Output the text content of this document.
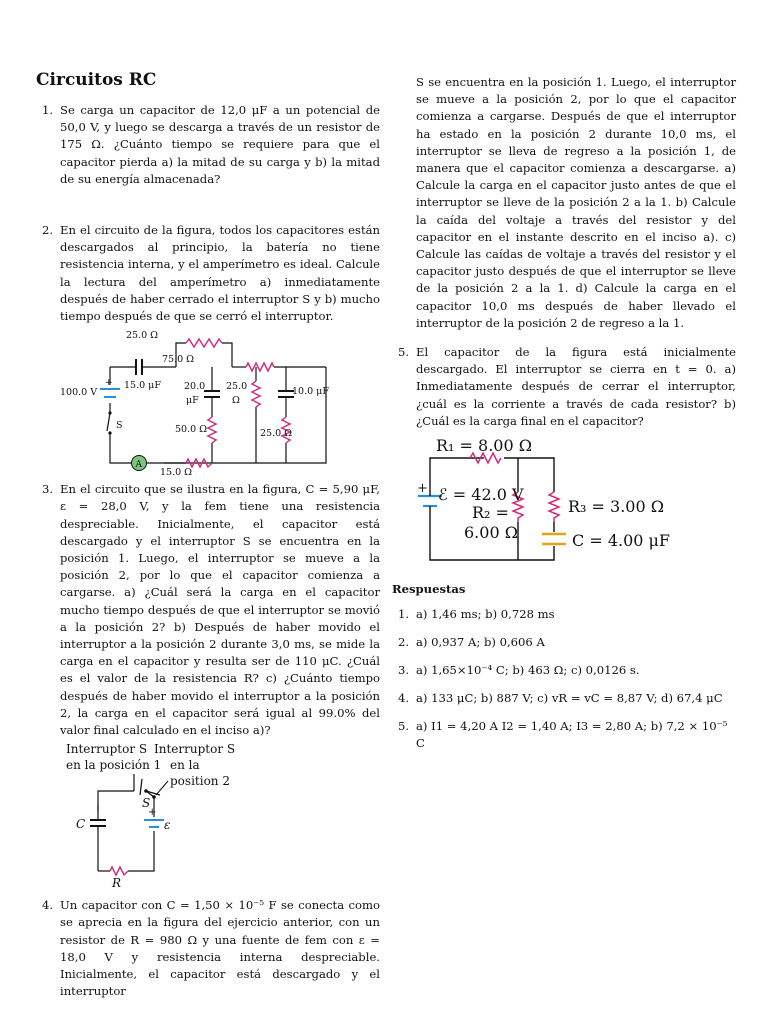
Circuitos RC

1. Se carga un capacitor de 12,0 μF a un potencial de 50,0 V, y luego se descarga a través de un resistor de 175 Ω. ¿Cuánto tiempo se requiere para que el capacitor pierda a) la mitad de su carga y b) la mitad de su energía almacenada?

2. En el circuito de la figura, todos los capacitores están descargados al principio, la batería no tiene resistencia interna, y el amperímetro es ideal. Calcule la lectura del amperímetro a) inmediatamente después de haber cerrado el interruptor S y b) mucho tiempo después de que se cerró el interruptor.

A
25.0 Ω
15.0 μF
75.0 Ω
20.0
μF
25.0
Ω
10.0 μF
100.0 V
S	50.0 Ω	25.0 Ω
15.0 Ω
+

3. En el circuito que se ilustra en la figura, C = 5,90 μF, ε = 28,0 V, y la fem tiene una resistencia despreciable. Inicialmente, el capacitor está descargado y el interruptor S se encuentra en la posición 1. Luego, el interruptor se mueve a la posición 2, por lo que el capacitor comienza a cargarse. a) ¿Cuál será la carga en el capacitor mucho tiempo después de que el interruptor se movió a la posición 2? b) Después de haber movido el interruptor a la posición 2 durante 3,0 ms, se mide la carga en el capacitor y resulta ser de 110 μC. ¿Cuál es el valor de la resistencia R? c) ¿Cuánto tiempo después de haber movido el interruptor a la posición 2, la carga en el capacitor será igual al 99.0% del valor final calculado en el inciso a)?

Interruptor S
en la posición 1
Interruptor S
en la
position 2
+
C
S
ε
R

4. Un capacitor con C = 1,50 × 10⁻⁵ F se conecta como se aprecia en la figura del ejercicio anterior, con un resistor de R = 980 Ω y una fuente de fem con ε = 18,0 V y resistencia interna despreciable. Inicialmente, el capacitor está descargado y el interruptor

S se encuentra en la posición 1. Luego, el interruptor se mueve a la posición 2, por lo que el capacitor comienza a cargarse. Después de que el interruptor ha estado en la posición 2 durante 10,0 ms, el interruptor se lleva de regreso a la posición 1, de manera que el capacitor comienza a descargarse. a) Calcule la carga en el capacitor justo antes de que el interruptor se lleve de la posición 2 a la 1. b) Calcule la caída del voltaje a través del resistor y del capacitor en el instante descrito en el inciso a). c) Calcule las caídas de voltaje a través del resistor y el capacitor justo después de que el interruptor se lleve de la posición 2 a la 1. d) Calcule la carga en el capacitor 10,0 ms después de haber llevado el interruptor de la posición 2 de regreso a la 1.

5. El capacitor de la figura está inicialmente descargado. El interruptor se cierra en t = 0. a) Inmediatamente después de cerrar el interruptor, ¿cuál es la corriente a través de cada resistor? b) ¿Cuál es la carga final en el capacitor?

+
R₁ = 8.00 Ω
ℰ = 42.0 V
R₂ =
6.00 Ω
R₃ = 3.00 Ω
C = 4.00 μF

Respuestas

1. a) 1,46 ms; b) 0,728 ms

2. a) 0,937 A; b) 0,606 A

3. a) 1,65×10⁻⁴ C; b) 463 Ω; c) 0,0126 s.

4. a) 133 μC; b) 887 V; c) vR = vC = 8,87 V; d) 67,4 μC

5. a) I1 = 4,20 A I2 = 1,40 A; I3 = 2,80 A; b) 7,2 × 10⁻⁵ C
